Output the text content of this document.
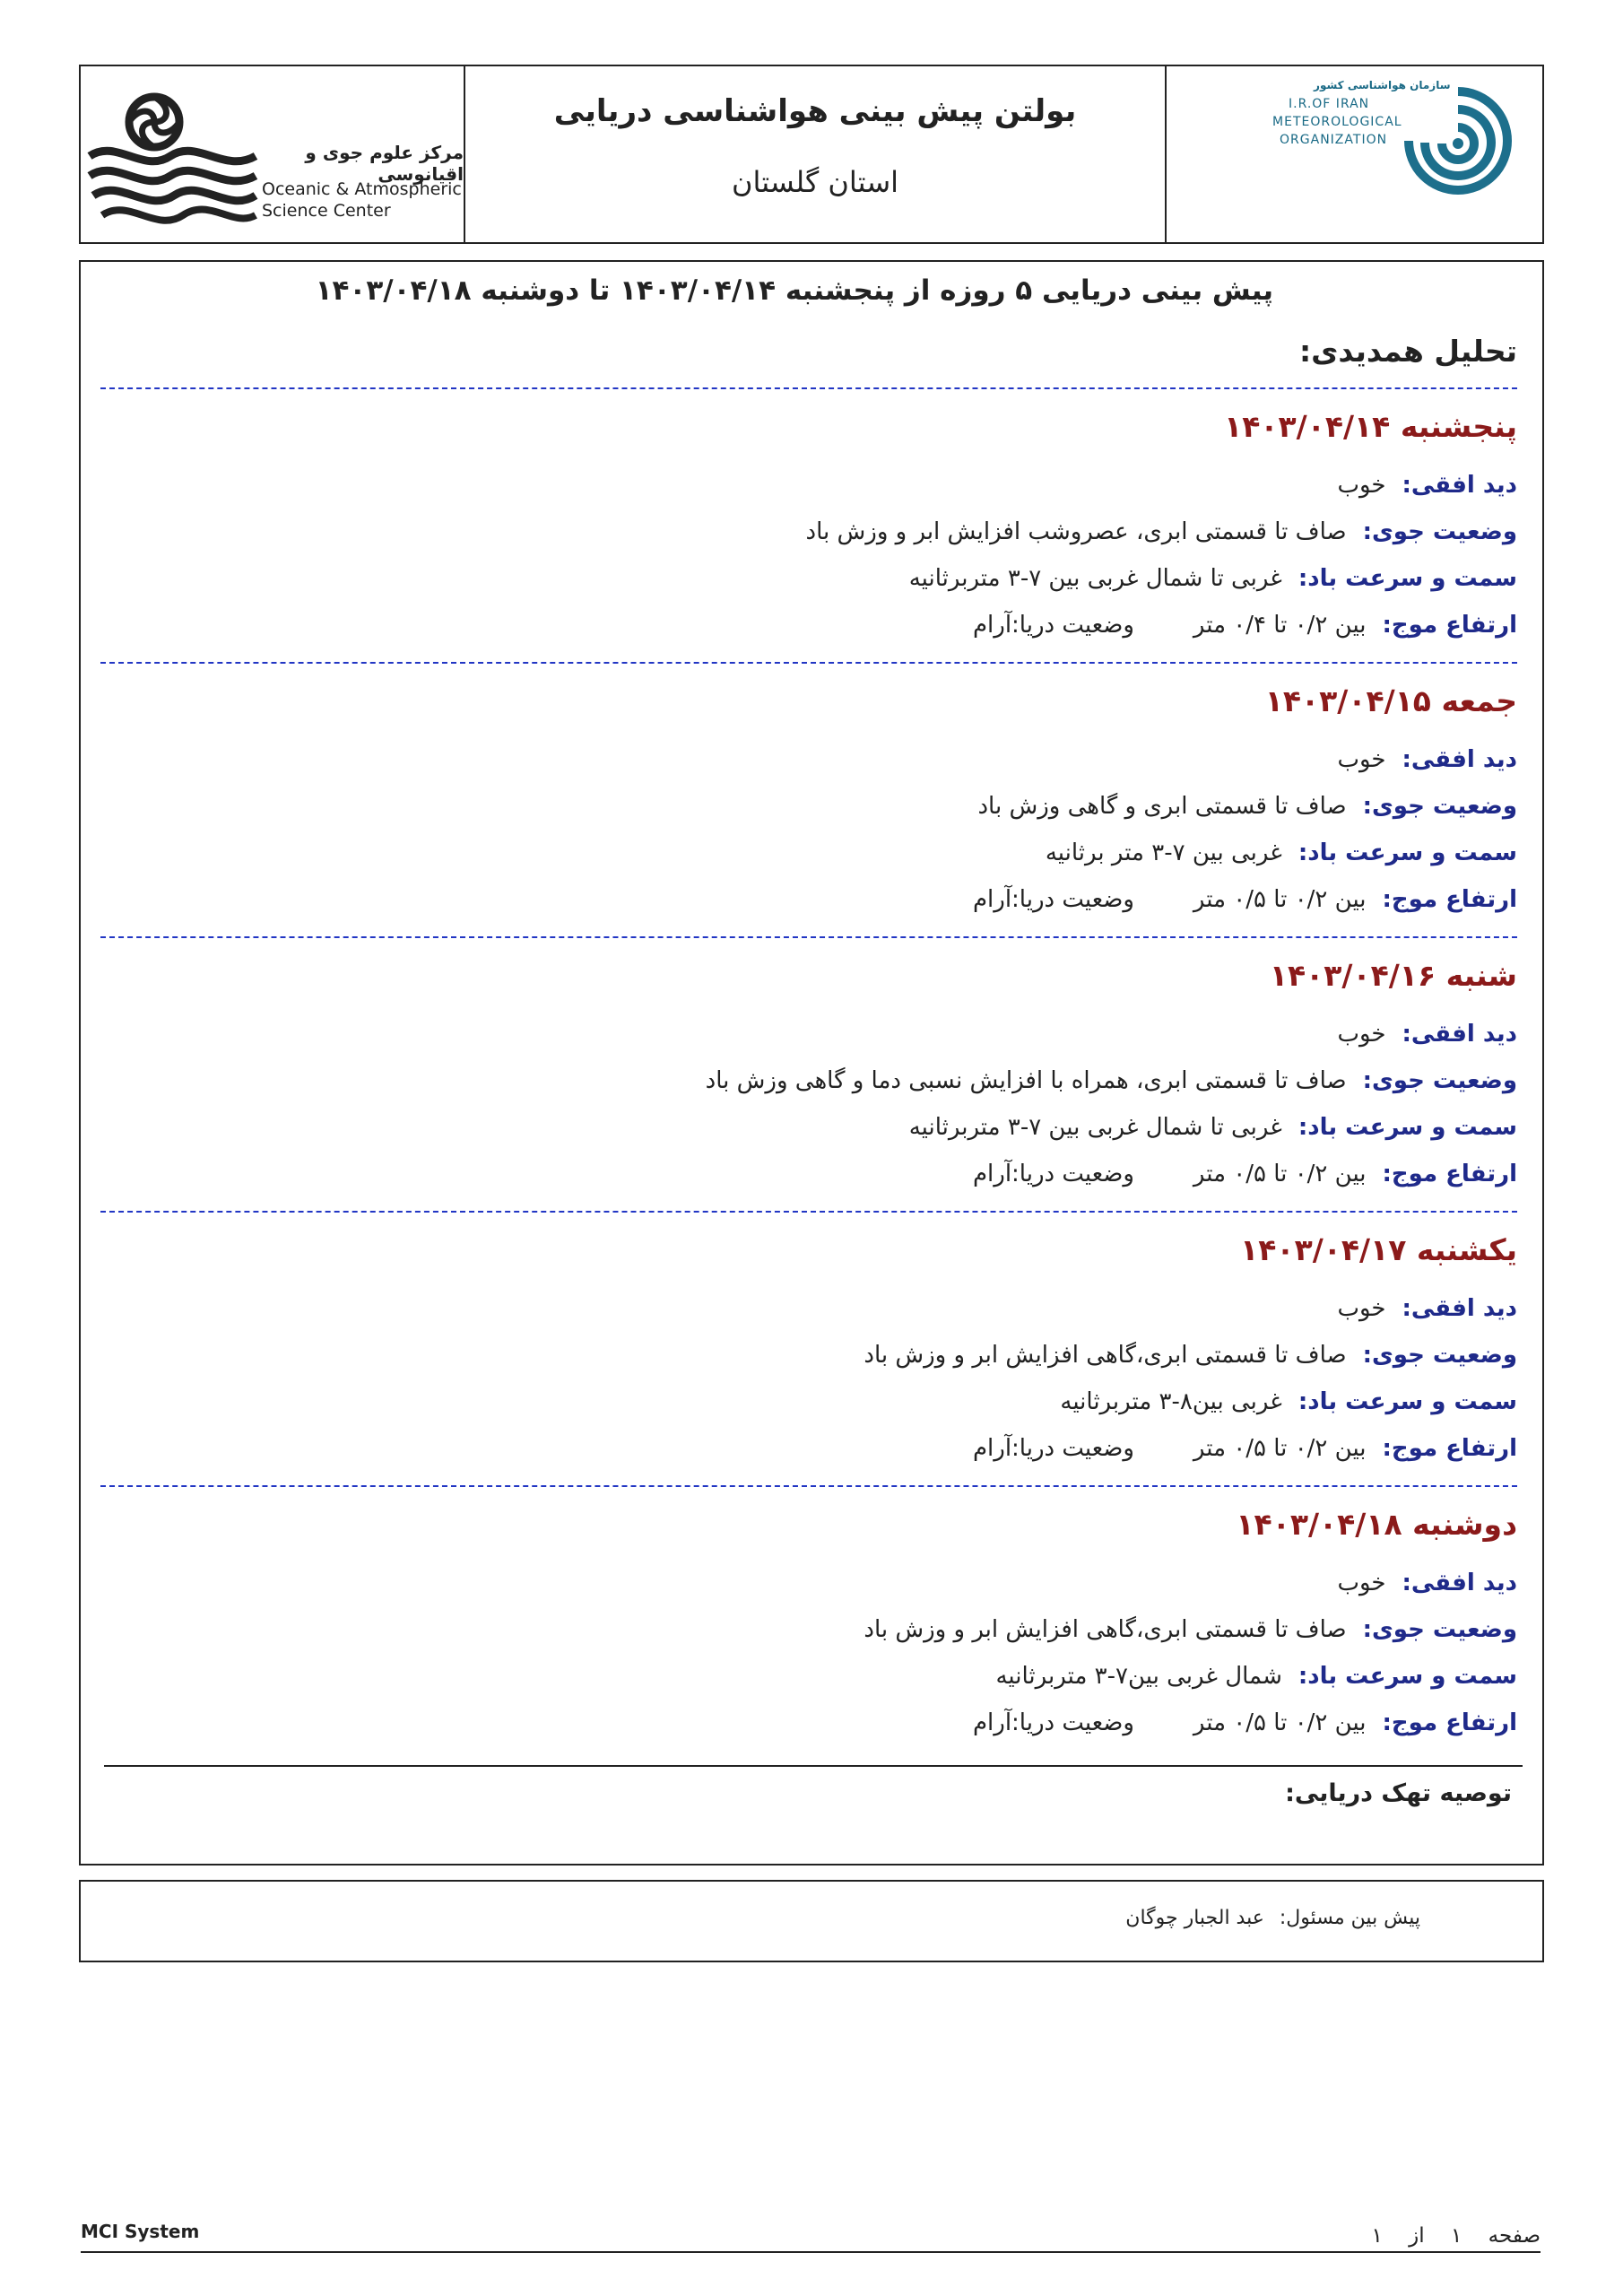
مرکز علوم جوی و اقیانوسی
Oceanic & Atmospheric
Science Center
بولتن پیش بینی هواشناسی دریایی
استان گلستان
سازمان هواشناسی کشور
I.R.OF IRAN
METEOROLOGICAL
ORGANIZATION
پیش بینی دریایی ۵ روزه از پنجشنبه ۱۴۰۳/۰۴/۱۴ تا دوشنبه ۱۴۰۳/۰۴/۱۸
تحلیل همدیدی:
پنجشنبه ۱۴۰۳/۰۴/۱۴
دید افقی:خوب
وضعیت جوی:صاف تا قسمتی ابری، عصروشب افزایش ابر و وزش باد
سمت و سرعت باد:غربی تا شمال غربی بین ۷-۳ متربرثانیه
ارتفاع موج:بین ۰/۲ تا ۰/۴ متروضعیت دریا:آرام
جمعه ۱۴۰۳/۰۴/۱۵
دید افقی:خوب
وضعیت جوی:صاف تا قسمتی ابری و گاهی وزش باد
سمت و سرعت باد:غربی بین ۷-۳ متر برثانیه
ارتفاع موج:بین ۰/۲ تا ۰/۵ متروضعیت دریا:آرام
شنبه ۱۴۰۳/۰۴/۱۶
دید افقی:خوب
وضعیت جوی:صاف تا قسمتی ابری، همراه با افزایش نسبی دما و گاهی وزش باد
سمت و سرعت باد:غربی تا شمال غربی بین ۷-۳ متربرثانیه
ارتفاع موج:بین ۰/۲ تا ۰/۵ متروضعیت دریا:آرام
یکشنبه ۱۴۰۳/۰۴/۱۷
دید افقی:خوب
وضعیت جوی:صاف تا قسمتی ابری،گاهی افزایش ابر و وزش باد
سمت و سرعت باد:غربی بین۸-۳ متربرثانیه
ارتفاع موج:بین ۰/۲ تا ۰/۵ متروضعیت دریا:آرام
دوشنبه ۱۴۰۳/۰۴/۱۸
دید افقی:خوب
وضعیت جوی:صاف تا قسمتی ابری،گاهی افزایش ابر و وزش باد
سمت و سرعت باد:شمال غربی بین۷-۳ متربرثانیه
ارتفاع موج:بین ۰/۲ تا ۰/۵ متروضعیت دریا:آرام
توصیه تهک دریایی:
پیش بین مسئول: عبد الجبار چوگان
MCI System	صفحه ۱ از ۱
